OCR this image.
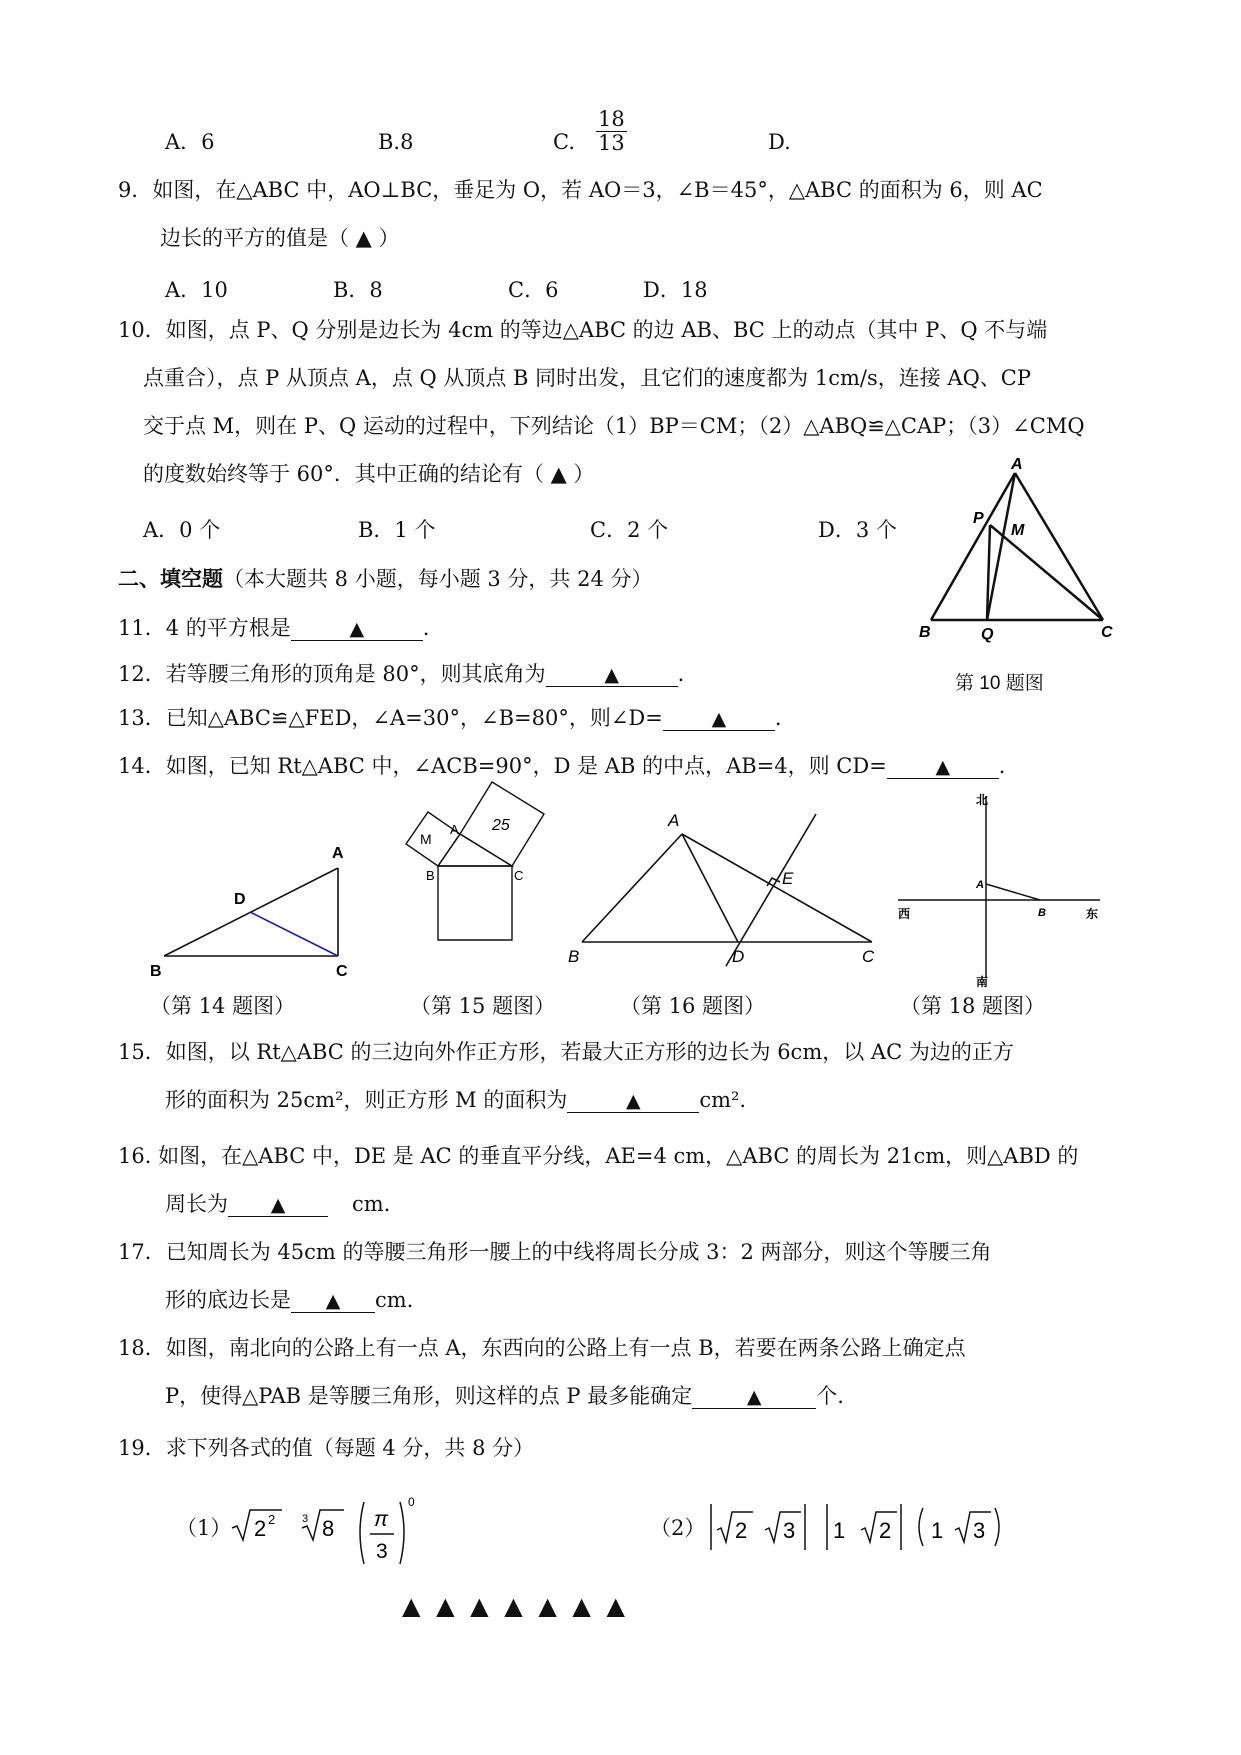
A．6	B.8	C. $\frac{18}{13}$	D.
9．如图，在△ABC 中，AO⊥BC，垂足为 O，若 AO＝3，∠B＝45°，△ABC 的面积为 6，则 AC
边长的平方的值是（ ▲ ）
A．10	B．8	C．6	D．18
10．如图，点 P、Q 分别是边长为 4cm 的等边△ABC 的边 AB、BC 上的动点（其中 P、Q 不与端
点重合），点 P 从顶点 A，点 Q 从顶点 B 同时出发，且它们的速度都为 1cm/s，连接 AQ、CP
交于点 M，则在 P、Q 运动的过程中，下列结论（1）BP＝CM；（2）△ABQ≌△CAP；（3）∠CMQ
的度数始终等于 60°．其中正确的结论有（ ▲ ）
A．0 个	B．1 个	C．2 个	D．3 个
A
P
M
B	Q	C
第 10 题图
二、填空题（本大题共 8 小题，每小题 3 分，共 24 分）
11．4 的平方根是	▲	.
12．若等腰三角形的顶角是 80°，则其底角为	▲	.
13．已知△ABC≌△FED，∠A=30°，∠B=80°，则∠D=	▲ .
14．如图，已知 Rt△ABC 中，∠ACB=90°，D 是 AB 的中点，AB=4，则 CD=	▲ .
A
D
B	C
A
M
25
B	C
A
B	D	C
E
北
南
西	东
A
B
（第 14 题图）	（第 15 题图）	（第 16 题图）	（第 18 题图）
15．如图，以 Rt△ABC 的三边向外作正方形，若最大正方形的边长为 6cm，以 AC 为边的正方
形的面积为 25cm²，则正方形 M 的面积为	▲	cm².
16. 如图，在△ABC 中，DE 是 AC 的垂直平分线，AE=4 cm，△ABC 的周长为 21cm，则△ABD 的
周长为 ▲	cm.
17．已知周长为 45cm 的等腰三角形一腰上的中线将周长分成 3：2 两部分，则这个等腰三角
形的底边长是 ▲ cm.
18．如图，南北向的公路上有一点 A，东西向的公路上有一点 B，若要在两条公路上确定点
P，使得△PAB 是等腰三角形，则这样的点 P 最多能确定	▲	个.
19．求下列各式的值（每题 4 分，共 8 分）
（1） 2 2 3 8 π
3
0
（2） 2 3 1 2 1 3
▲ ▲ ▲ ▲ ▲ ▲ ▲
